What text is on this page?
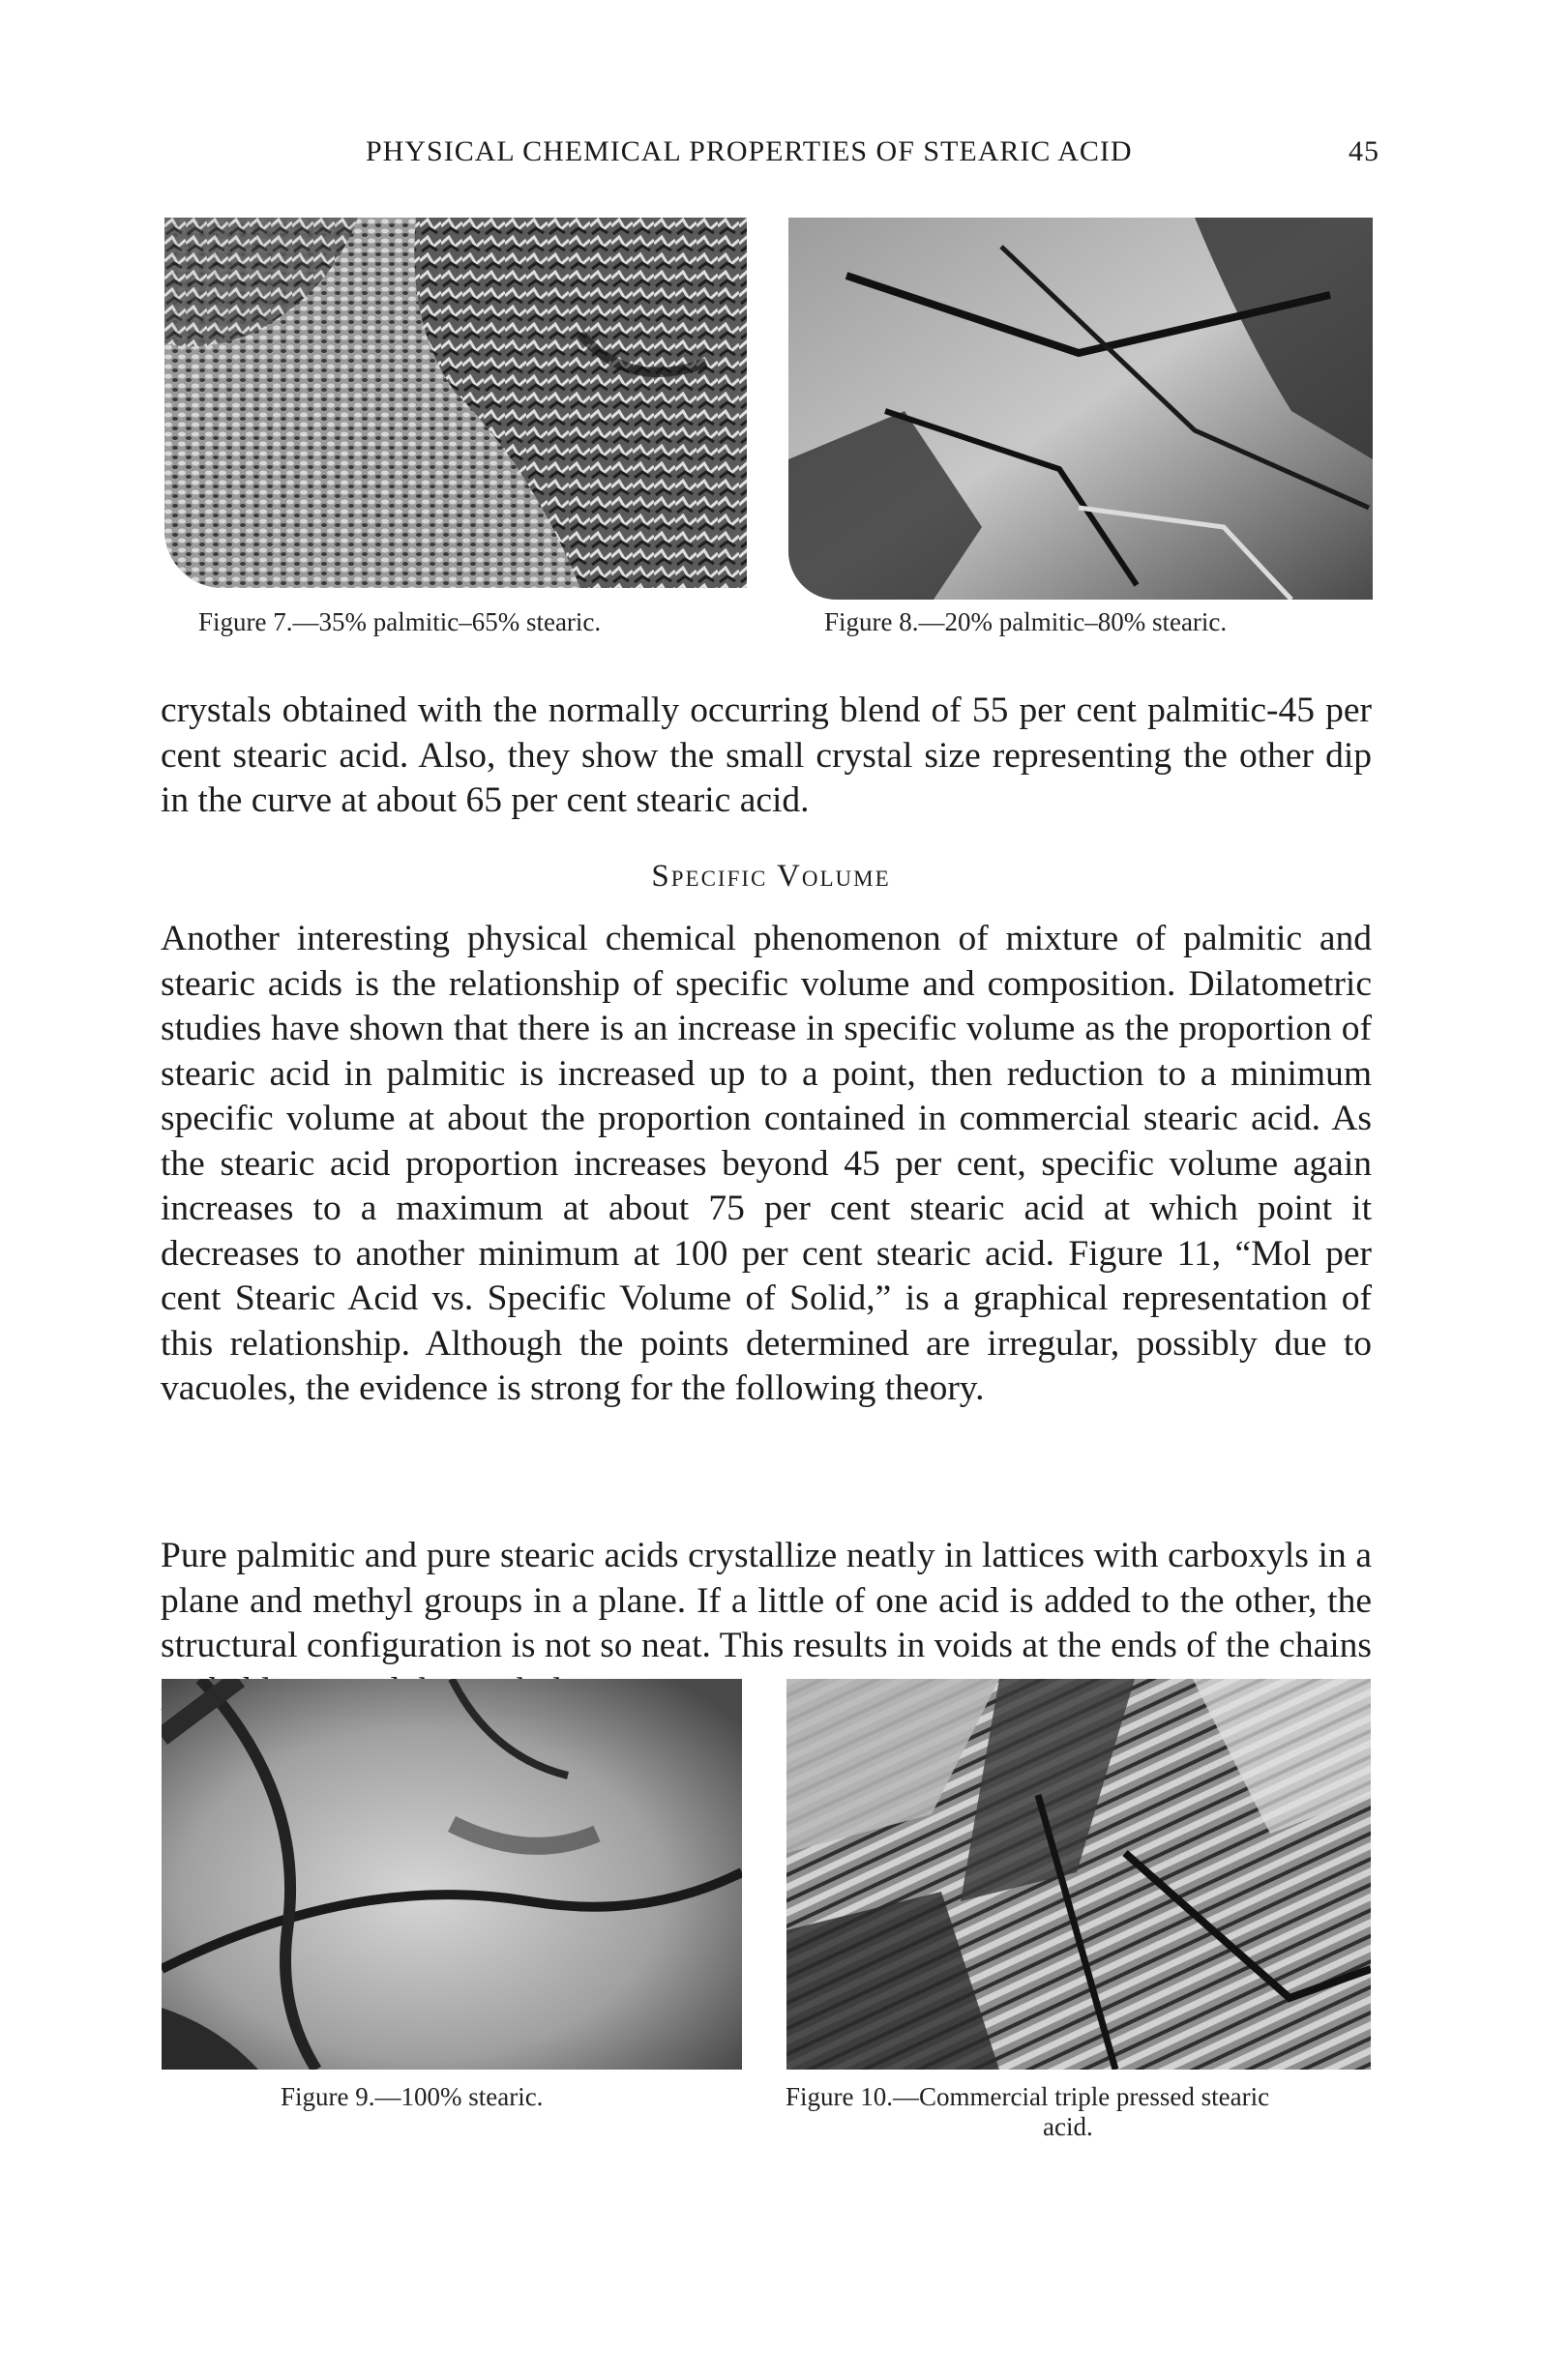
PHYSICAL CHEMICAL PROPERTIES OF STEARIC ACID	45
Figure 7.—35% palmitic–65% stearic.	Figure 8.—20% palmitic–80% stearic.

crystals obtained with the normally occurring blend of 55 per cent palmitic-45 per cent stearic acid. Also, they show the small crystal size representing the other dip in the curve at about 65 per cent stearic acid.

Specific Volume

Another interesting physical chemical phenomenon of mixture of palmitic and stearic acids is the relationship of specific volume and composition. Dilatometric studies have shown that there is an increase in specific volume as the proportion of stearic acid in palmitic is increased up to a point, then reduction to a minimum specific volume at about the proportion contained in commercial stearic acid. As the stearic acid proportion increases beyond 45 per cent, specific volume again increases to a maximum at about 75 per cent stearic acid at which point it decreases to another minimum at 100 per cent stearic acid. Figure 11, “Mol per cent Stearic Acid vs. Specific Volume of Solid,” is a graphical representation of this relationship. Although the points determined are irregular, possibly due to vacuoles, the evidence is strong for the following theory.

Pure palmitic and pure stearic acids crystallize neatly in lattices with carboxyls in a plane and methyl groups in a plane. If a little of one acid is added to the other, the structural configuration is not so neat. This results in voids at the ends of the chains

Figure 9.—100% stearic.	Figure 10.—Commercial triple pressed stearic
acid.
